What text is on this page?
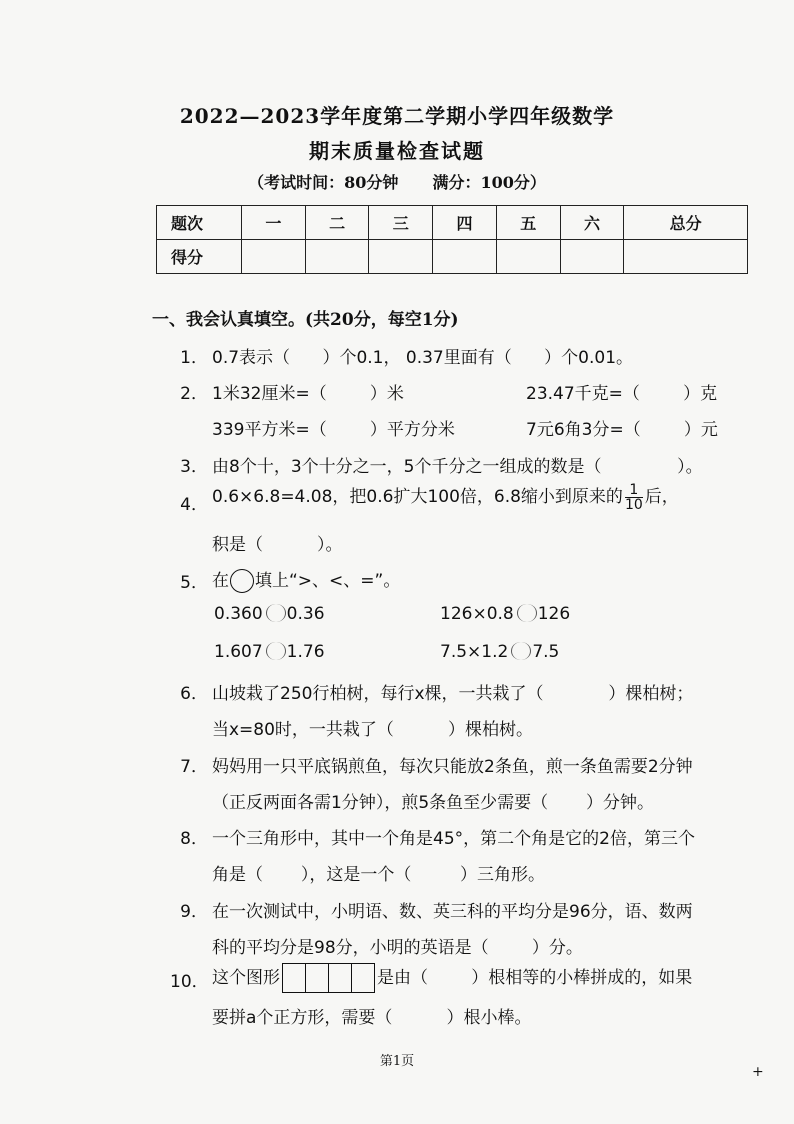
2022—2023学年度第二学期小学四年级数学
期末质量检查试题
（考试时间：80分钟 满分：100分）
题次	一	二	三	四	五	六	总分
得分							
一、我会认真填空。(共20分，每空1分)
1． 0.7表示（      ）个0.1， 0.37里面有（      ）个0.01。
2． 1米32厘米=（        ）米	23.47千克=（        ）克
339平方米=（        ）平方分米	7元6角3分=（        ）元
3． 由8个十，3个十分之一，5个千分之一组成的数是（              ）。
4． 0.6×6.8=4.08，把0.6扩大100倍，6.8缩小到原来的 $\frac{1}{10}$ 后，
积是（          ）。
5． 在 填上“>、<、=”。
0.360 0.36	126×0.8 126
1.607 1.76	7.5×1.2 7.5
6． 山坡栽了250行柏树，每行x棵，一共栽了（            ）棵柏树；
当x=80时，一共栽了（          ）棵柏树。
7． 妈妈用一只平底锅煎鱼，每次只能放2条鱼，煎一条鱼需要2分钟
（正反两面各需1分钟），煎5条鱼至少需要（       ）分钟。
8． 一个三角形中，其中一个角是45°，第二个角是它的2倍，第三个
角是（       ），这是一个（         ）三角形。
9． 在一次测试中，小明语、数、英三科的平均分是96分，语、数两
科的平均分是98分，小明的英语是（        ）分。
10． 这个图形	是由（        ）根相等的小棒拼成的，如果
要拼a个正方形，需要（          ）根小棒。
第1页
+
